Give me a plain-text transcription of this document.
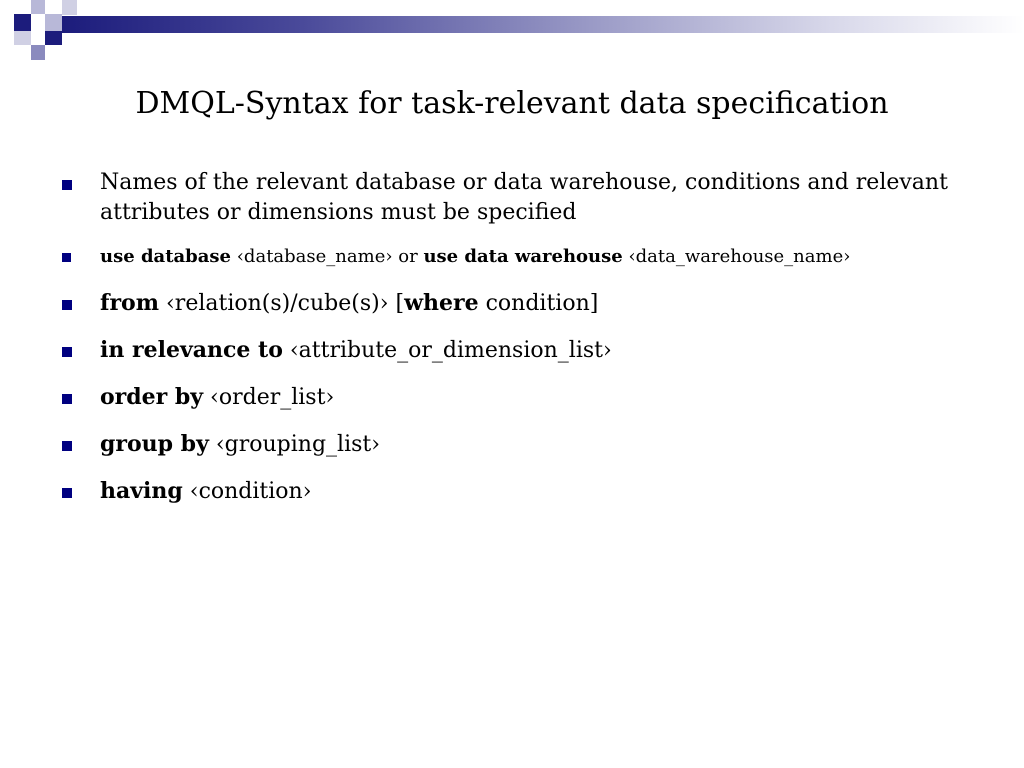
DMQL-Syntax for task-relevant data specification
Names of the relevant database or data warehouse, conditions and relevant attributes or dimensions must be specified
use database ‹database_name› or use data warehouse ‹data_warehouse_name›
from ‹relation(s)/cube(s)› [where condition]
in relevance to ‹attribute_or_dimension_list›
order by ‹order_list›
group by ‹grouping_list›
having ‹condition›
